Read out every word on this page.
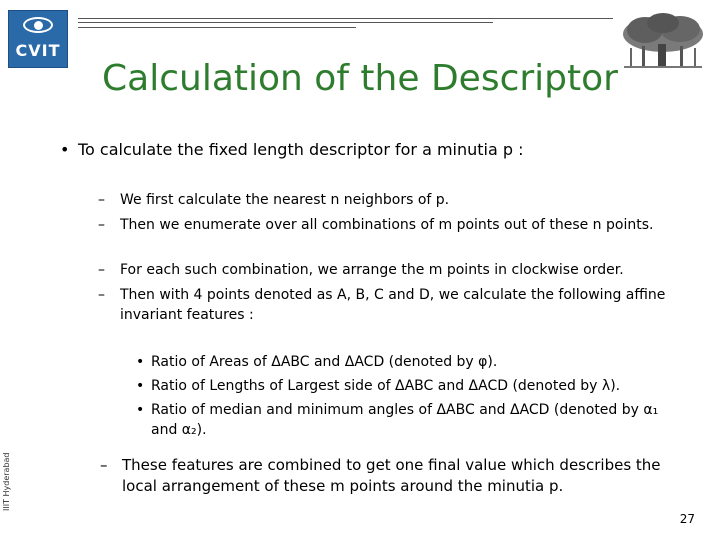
CVIT
Calculation of the Descriptor
• To calculate the fixed length descriptor for a minutia p :
–	We first calculate the nearest n neighbors of p.
–	Then we enumerate over all combinations of m points out of these n points.
–	For each such combination, we arrange the m points in clockwise order.
–	Then with 4 points denoted as A, B, C and D, we calculate the following affine invariant features :
• Ratio of Areas of ΔABC and ΔACD (denoted by φ).
• Ratio of Lengths of Largest side of ΔABC and ΔACD (denoted by λ).
• Ratio of median and minimum angles of ΔABC and ΔACD (denoted by α₁ and α₂).
– These features are combined to get one final value which describes the local arrangement of these m points around the minutia p.
IIIT Hyderabad
27
